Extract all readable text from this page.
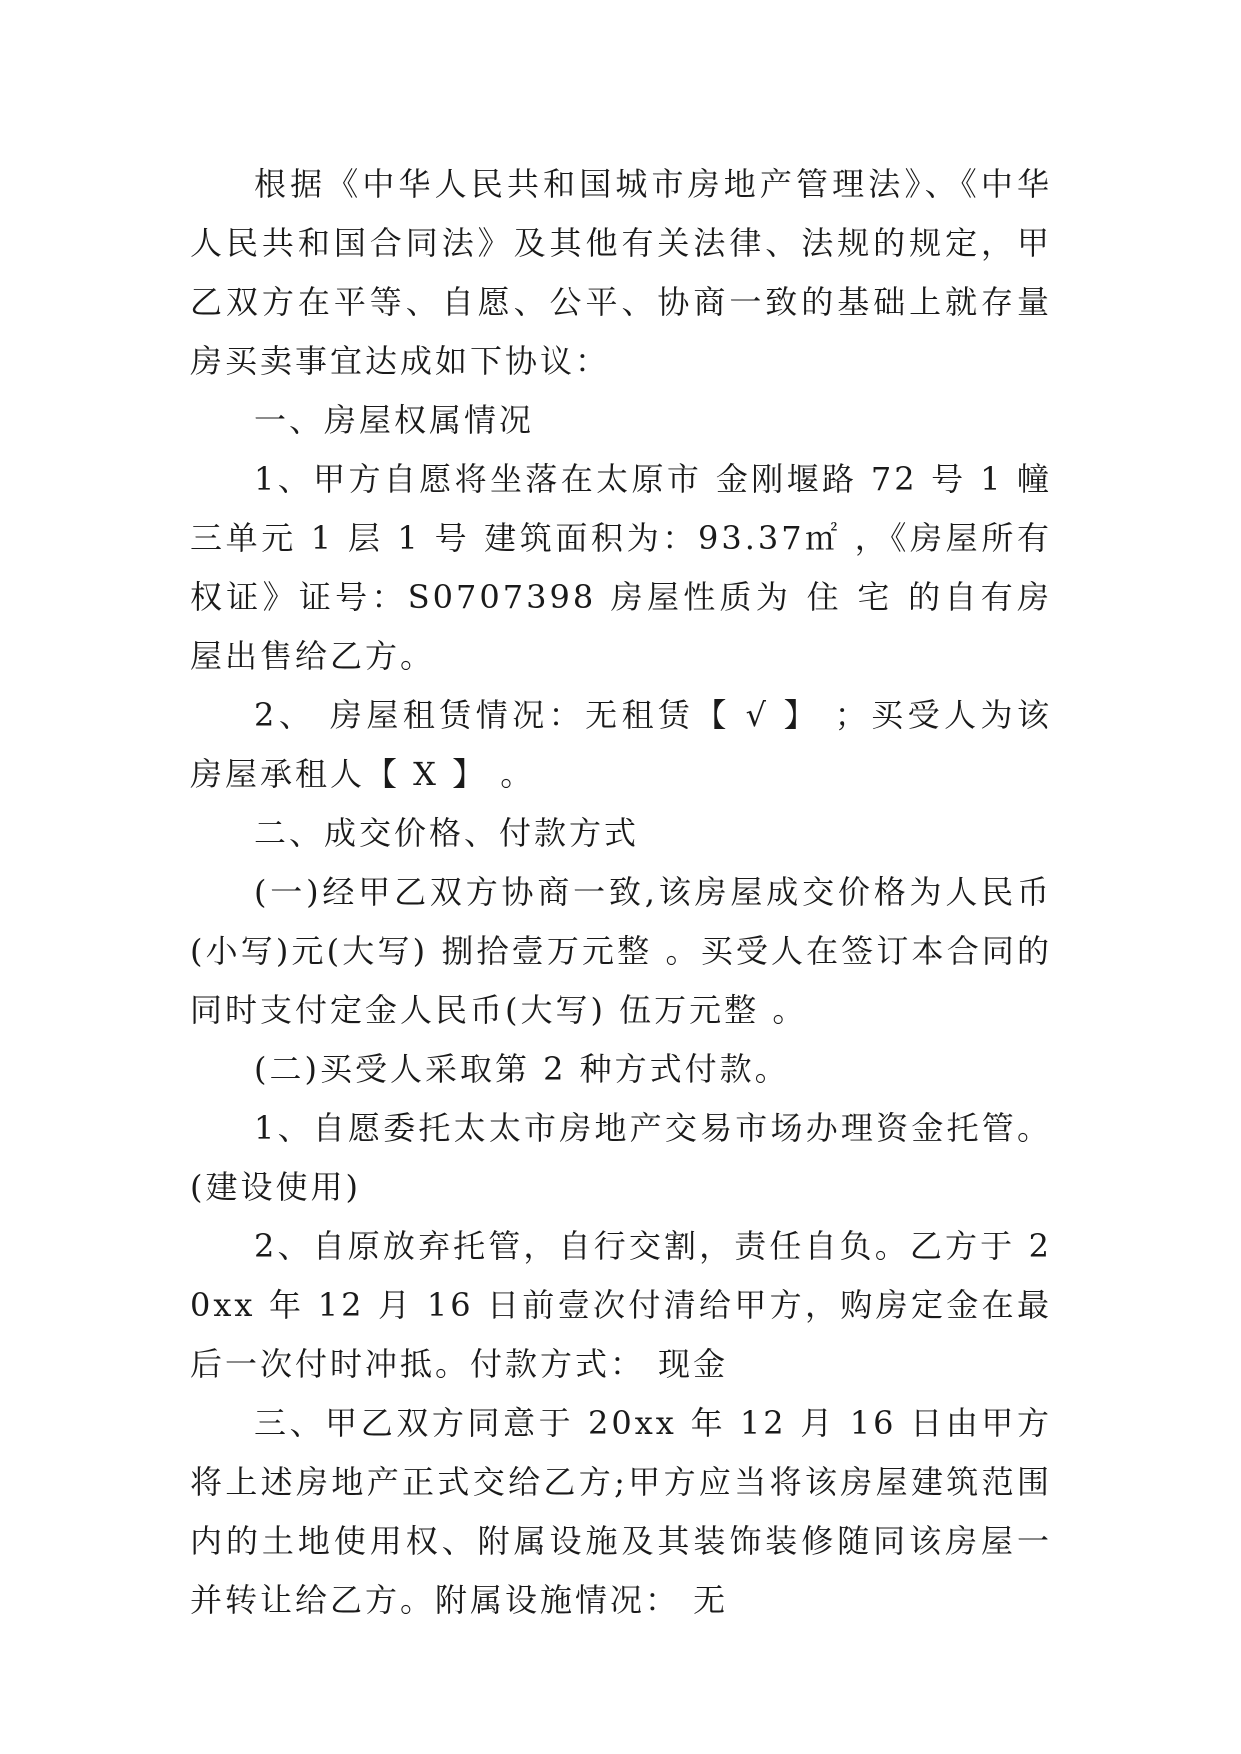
根据《中华人民共和国城市房地产管理法》、《中华人民共和国合同法》及其他有关法律、法规的规定，甲乙双方在平等、自愿、公平、协商一致的基础上就存量房买卖事宜达成如下协议：

一、房屋权属情况

1、甲方自愿将坐落在太原市 金刚堰路 72 号 1 幢三单元 1 层 1 号 建筑面积为：93.37㎡ ，《房屋所有权证》证号：S0707398 房屋性质为 住 宅 的自有房屋出售给乙方。

2、 房屋租赁情况：无租赁【 √ 】 ；买受人为该房屋承租人【 X 】 。

二、成交价格、付款方式

(一)经甲乙双方协商一致,该房屋成交价格为人民币(小写)元(大写) 捌拾壹万元整 。买受人在签订本合同的同时支付定金人民币(大写) 伍万元整 。

(二)买受人采取第 2 种方式付款。

1、自愿委托太太市房地产交易市场办理资金托管。(建设使用)

2、自原放弃托管，自行交割，责任自负。乙方于 20xx 年 12 月 16 日前壹次付清给甲方，购房定金在最后一次付时冲抵。付款方式： 现金

三、甲乙双方同意于 20xx 年 12 月 16 日由甲方将上述房地产正式交给乙方;甲方应当将该房屋建筑范围内的土地使用权、附属设施及其装饰装修随同该房屋一并转让给乙方。附属设施情况： 无
